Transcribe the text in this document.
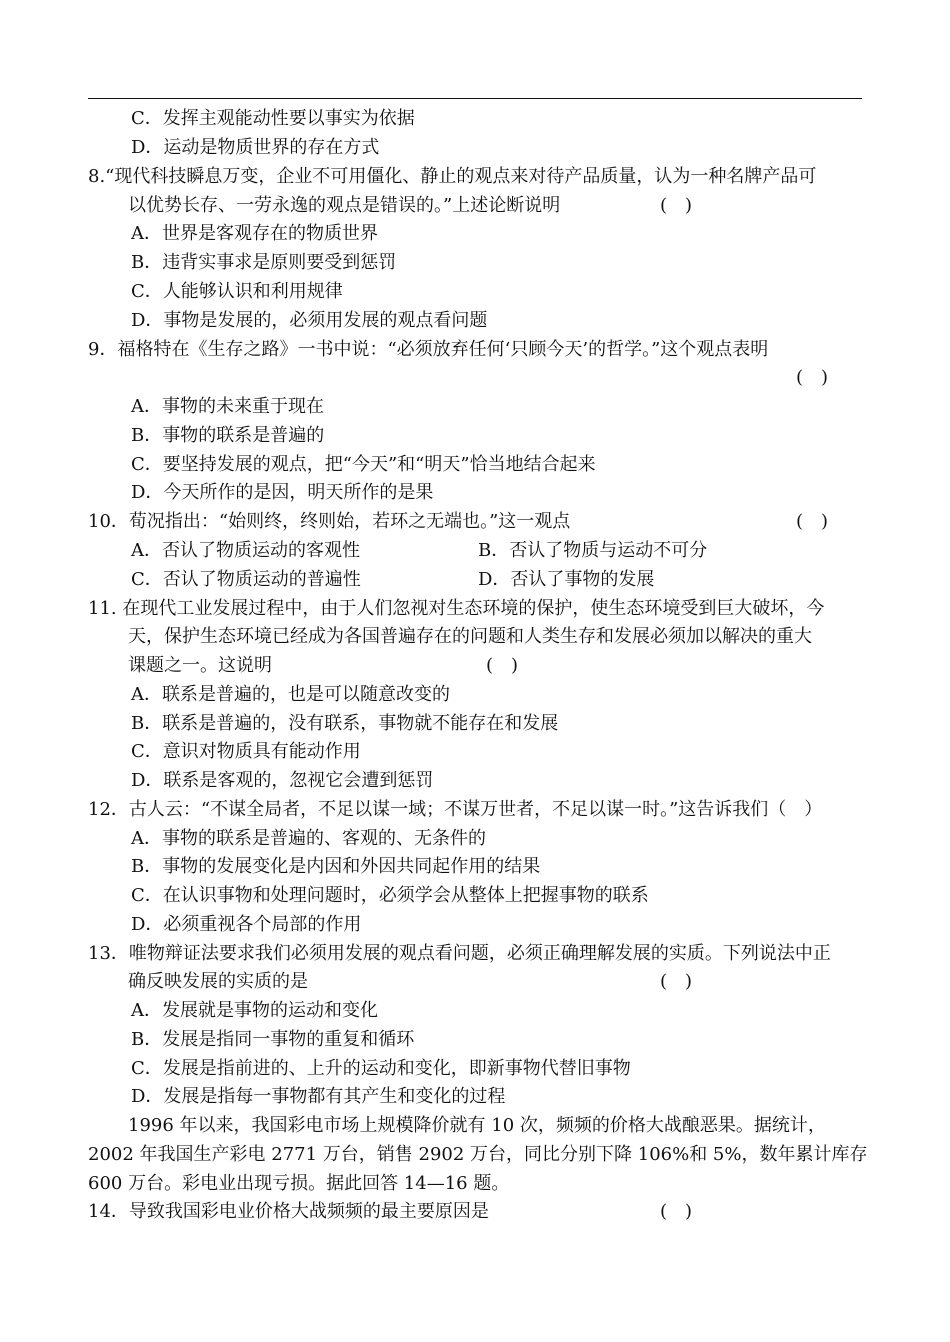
C．发挥主观能动性要以事实为依据
D．运动是物质世界的存在方式
8.“现代科技瞬息万变，企业不可用僵化、静止的观点来对待产品质量，认为一种名牌产品可
以优势长存、一劳永逸的观点是错误的。”上述论断说明	(　)
A．世界是客观存在的物质世界
B．违背实事求是原则要受到惩罚
C．人能够认识和利用规律
D．事物是发展的，必须用发展的观点看问题
9．福格特在《生存之路》一书中说：“必须放弃任何‘只顾今天’的哲学。”这个观点表明
(　)
A．事物的未来重于现在
B．事物的联系是普遍的
C．要坚持发展的观点，把“今天”和“明天”恰当地结合起来
D．今天所作的是因，明天所作的是果
10．荀况指出：“始则终，终则始，若环之无端也。”这一观点	(　)
A．否认了物质运动的客观性	B．否认了物质与运动不可分
C．否认了物质运动的普遍性	D．否认了事物的发展
11. 在现代工业发展过程中，由于人们忽视对生态环境的保护，使生态环境受到巨大破坏，今
天，保护生态环境已经成为各国普遍存在的问题和人类生存和发展必须加以解决的重大
课题之一。这说明	(　)
A．联系是普遍的，也是可以随意改变的
B．联系是普遍的，没有联系，事物就不能存在和发展
C．意识对物质具有能动作用
D．联系是客观的，忽视它会遭到惩罚
12．古人云：“不谋全局者，不足以谋一域；不谋万世者，不足以谋一时。”这告诉我们（　）
A．事物的联系是普遍的、客观的、无条件的
B．事物的发展变化是内因和外因共同起作用的结果
C．在认识事物和处理问题时，必须学会从整体上把握事物的联系
D．必须重视各个局部的作用
13．唯物辩证法要求我们必须用发展的观点看问题，必须正确理解发展的实质。下列说法中正
确反映发展的实质的是	(　)
A．发展就是事物的运动和变化
B．发展是指同一事物的重复和循环
C．发展是指前进的、上升的运动和变化，即新事物代替旧事物
D．发展是指每一事物都有其产生和变化的过程
1996 年以来，我国彩电市场上规模降价就有 10 次，频频的价格大战酿恶果。据统计，
2002 年我国生产彩电 2771 万台，销售 2902 万台，同比分别下降 106%和 5%，数年累计库存
600 万台。彩电业出现亏损。据此回答 14—16 题。
14．导致我国彩电业价格大战频频的最主要原因是	(　)
